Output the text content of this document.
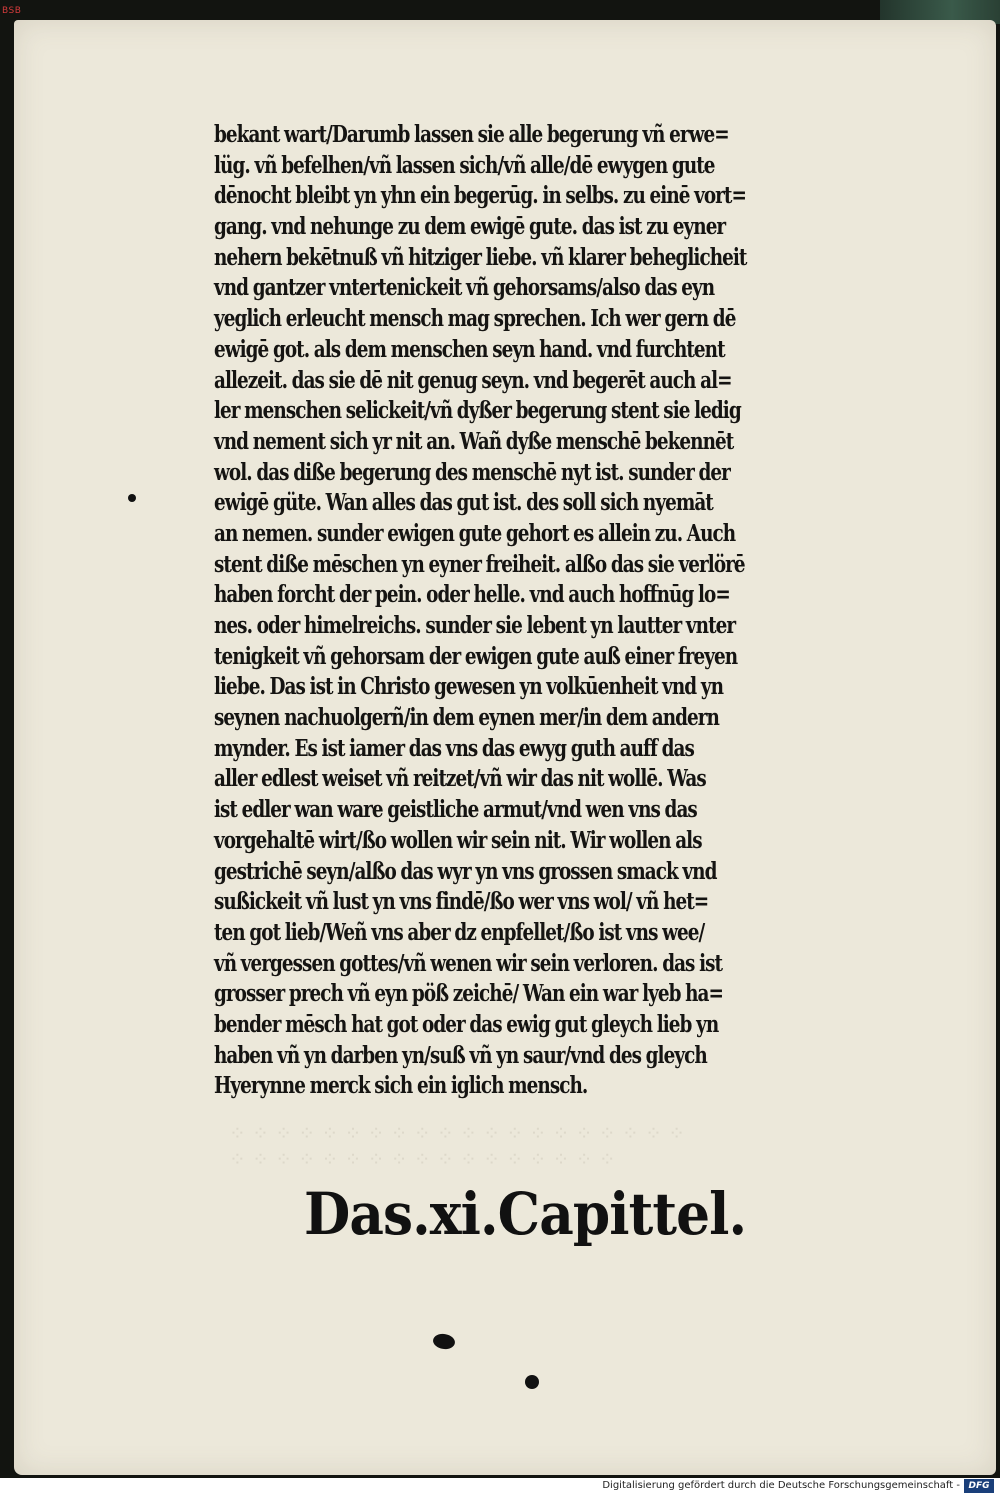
BSB
⁘ ⁘ ⁘ ⁘ ⁘ ⁘ ⁘ ⁘ ⁘ ⁘ ⁘ ⁘ ⁘ ⁘ ⁘ ⁘ ⁘ ⁘ ⁘ ⁘
⁘ ⁘ ⁘ ⁘ ⁘ ⁘ ⁘ ⁘ ⁘ ⁘ ⁘ ⁘ ⁘ ⁘ ⁘ ⁘ ⁘
bekant wart/Darumb lassen sie alle begerung vñ erwe=
lüg. vñ befelhen/vñ lassen sich/vñ alle/dē ewygen gute
dēnocht bleibt yn yhn ein begerūg. in selbs. zu einē vort=
gang. vnd nehunge zu dem ewigē gute. das ist zu eyner
nehern bekētnuß vñ hitziger liebe. vñ klarer beheglicheit
vnd gantzer vntertenickeit vñ gehorsams/also das eyn
yeglich erleucht mensch mag sprechen. Ich wer gern dē
ewigē got. als dem menschen seyn hand. vnd furchtent
allezeit. das sie dē nit genug seyn. vnd begerēt auch al=
ler menschen selickeit/vñ dyßer begerung stent sie ledig
vnd nement sich yr nit an. Wañ dyße menschē bekennēt
wol. das diße begerung des menschē nyt ist. sunder der
ewigē güte. Wan alles das gut ist. des soll sich nyemāt
an nemen. sunder ewigen gute gehort es allein zu. Auch
stent diße mēschen yn eyner freiheit. alßo das sie verlörē
haben forcht der pein. oder helle. vnd auch hoffnūg lo=
nes. oder himelreichs. sunder sie lebent yn lautter vnter
tenigkeit vñ gehorsam der ewigen gute auß einer freyen
liebe. Das ist in Christo gewesen yn volkūenheit vnd yn
seynen nachuolgerñ/in dem eynen mer/in dem andern
mynder. Es ist iamer das vns das ewyg guth auff das
aller edlest weiset vñ reitzet/vñ wir das nit wollē. Was
ist edler wan ware geistliche armut/vnd wen vns das
vorgehaltē wirt/ßo wollen wir sein nit. Wir wollen als
gestrichē seyn/alßo das wyr yn vns grossen smack vnd
sußickeit vñ lust yn vns findē/ßo wer vns wol/ vñ het=
ten got lieb/Weñ vns aber dz enpfellet/ßo ist vns wee/
vñ vergessen gottes/vñ wenen wir sein verloren. das ist
grosser prech vñ eyn pöß zeichē/ Wan ein war lyeb ha=
bender mēsch hat got oder das ewig gut gleych lieb yn
haben vñ yn darben yn/suß vñ yn saur/vnd des gleych
Hyerynne merck sich ein iglich mensch.
Das.xi.Capittel.
Digitalisierung gefördert durch die Deutsche Forschungsgemeinschaft - DFG
